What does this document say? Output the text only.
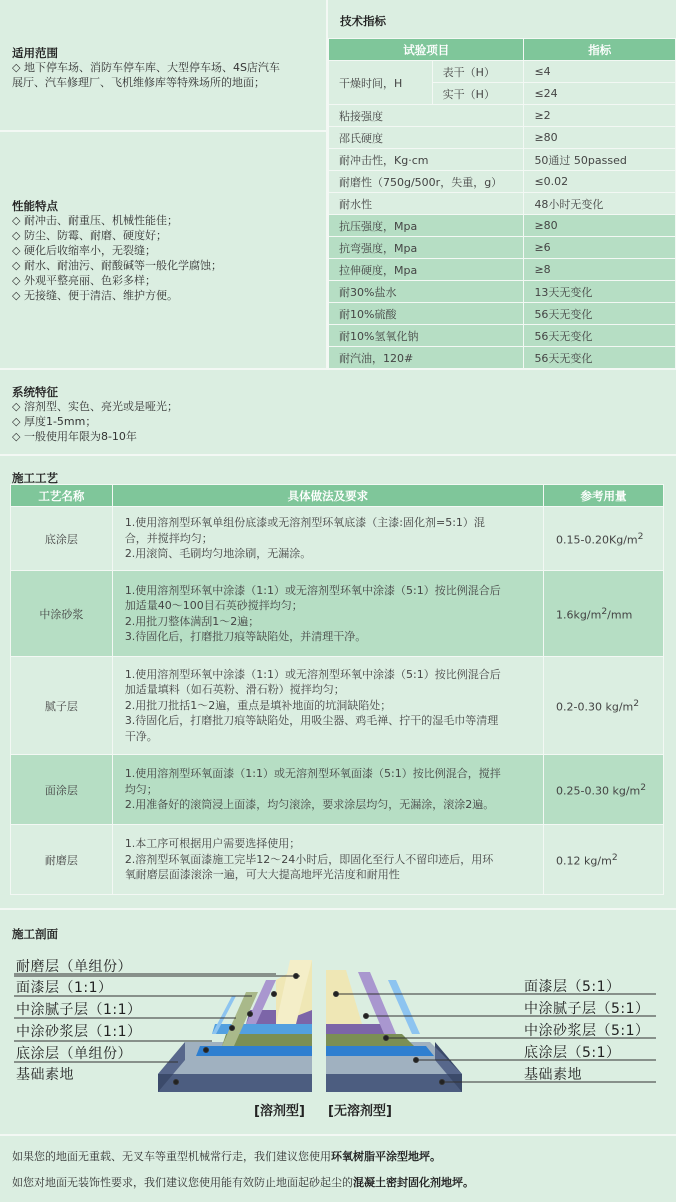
适用范围
◇ 地下停车场、消防车停车库、大型停车场、4S店汽车
展厅、汽车修理厂、飞机维修库等特殊场所的地面；
性能特点
◇ 耐冲击、耐重压、机械性能佳；
◇ 防尘、防霉、耐磨、硬度好；
◇ 硬化后收缩率小，无裂缝；
◇ 耐水、耐油污、耐酸碱等一般化学腐蚀；
◇ 外观平整亮丽、色彩多样；
◇ 无接缝、便于清洁、维护方便。
技术指标
试验项目		指标
干燥时间，H	表干（H）	≤4
	实干（H）	≤24
粘接强度		≥2
邵氏硬度		≥80
耐冲击性，Kg·cm		50通过 50passed
耐磨性（750g/500r，失重，g）		≤0.02
耐水性		48小时无变化
抗压强度，Mpa		≥80
抗弯强度，Mpa		≥6
拉伸硬度，Mpa		≥8
耐30%盐水		13天无变化
耐10%硫酸		56天无变化
耐10%氢氧化钠		56天无变化
耐汽油，120#		56天无变化
系统特征
◇ 溶剂型、实色、亮光或是哑光；
◇ 厚度1-5mm；
◇ 一般使用年限为8-10年
施工工艺
工艺名称	具体做法及要求	参考用量
底涂层	1.使用溶剂型环氧单组份底漆或无溶剂型环氧底漆（主漆:固化剂=5:1）混
合，并搅拌均匀；
2.用滚筒、毛刷均匀地涂刷，无漏涂。	$0.15-0.20Kg/m^2$
中涂砂浆	1.使用溶剂型环氧中涂漆（1:1）或无溶剂型环氧中涂漆（5:1）按比例混合后
加适量40～100目石英砂搅拌均匀；
2.用批刀整体满刮1～2遍；
3.待固化后，打磨批刀痕等缺陷处，并清理干净。	$1.6kg/m^2/mm$
腻子层	1.使用溶剂型环氧中涂漆（1:1）或无溶剂型环氧中涂漆（5:1）按比例混合后
加适量填料（如石英粉、滑石粉）搅拌均匀；
2.用批刀批括1～2遍，重点是填补地面的坑洞缺陷处；
3.待固化后，打磨批刀痕等缺陷处，用吸尘器、鸡毛禅、拧干的湿毛巾等清理
干净。	0.2-0.30 $kg/m^2$
面涂层	1.使用溶剂型环氧面漆（1:1）或无溶剂型环氧面漆（5:1）按比例混合，搅拌
均匀；
2.用准备好的滚筒浸上面漆，均匀滚涂，要求涂层均匀，无漏涂，滚涂2遍。	0.25-0.30 $kg/m^2$
耐磨层	1.本工序可根据用户需要选择使用；
2.溶剂型环氧面漆施工完毕12～24小时后，即固化至行人不留印迹后，用环
氧耐磨层面漆滚涂一遍，可大大提高地坪光洁度和耐用性	0.12 $kg/m^2$
施工剖面
耐磨层（单组份）
面漆层（1:1）
中涂腻子层（1:1）
中涂砂浆层（1:1）
底涂层（单组份）
基础素地
面漆层（5:1）
中涂腻子层（5:1）
中涂砂浆层（5:1）
底涂层（5:1）
基础素地
[溶剂型] [无溶剂型]
如果您的地面无重载、无叉车等重型机械常行走，我们建议您使用环氧树脂平涂型地坪。
如您对地面无装饰性要求，我们建议您使用能有效防止地面起砂起尘的混凝土密封固化剂地坪。
